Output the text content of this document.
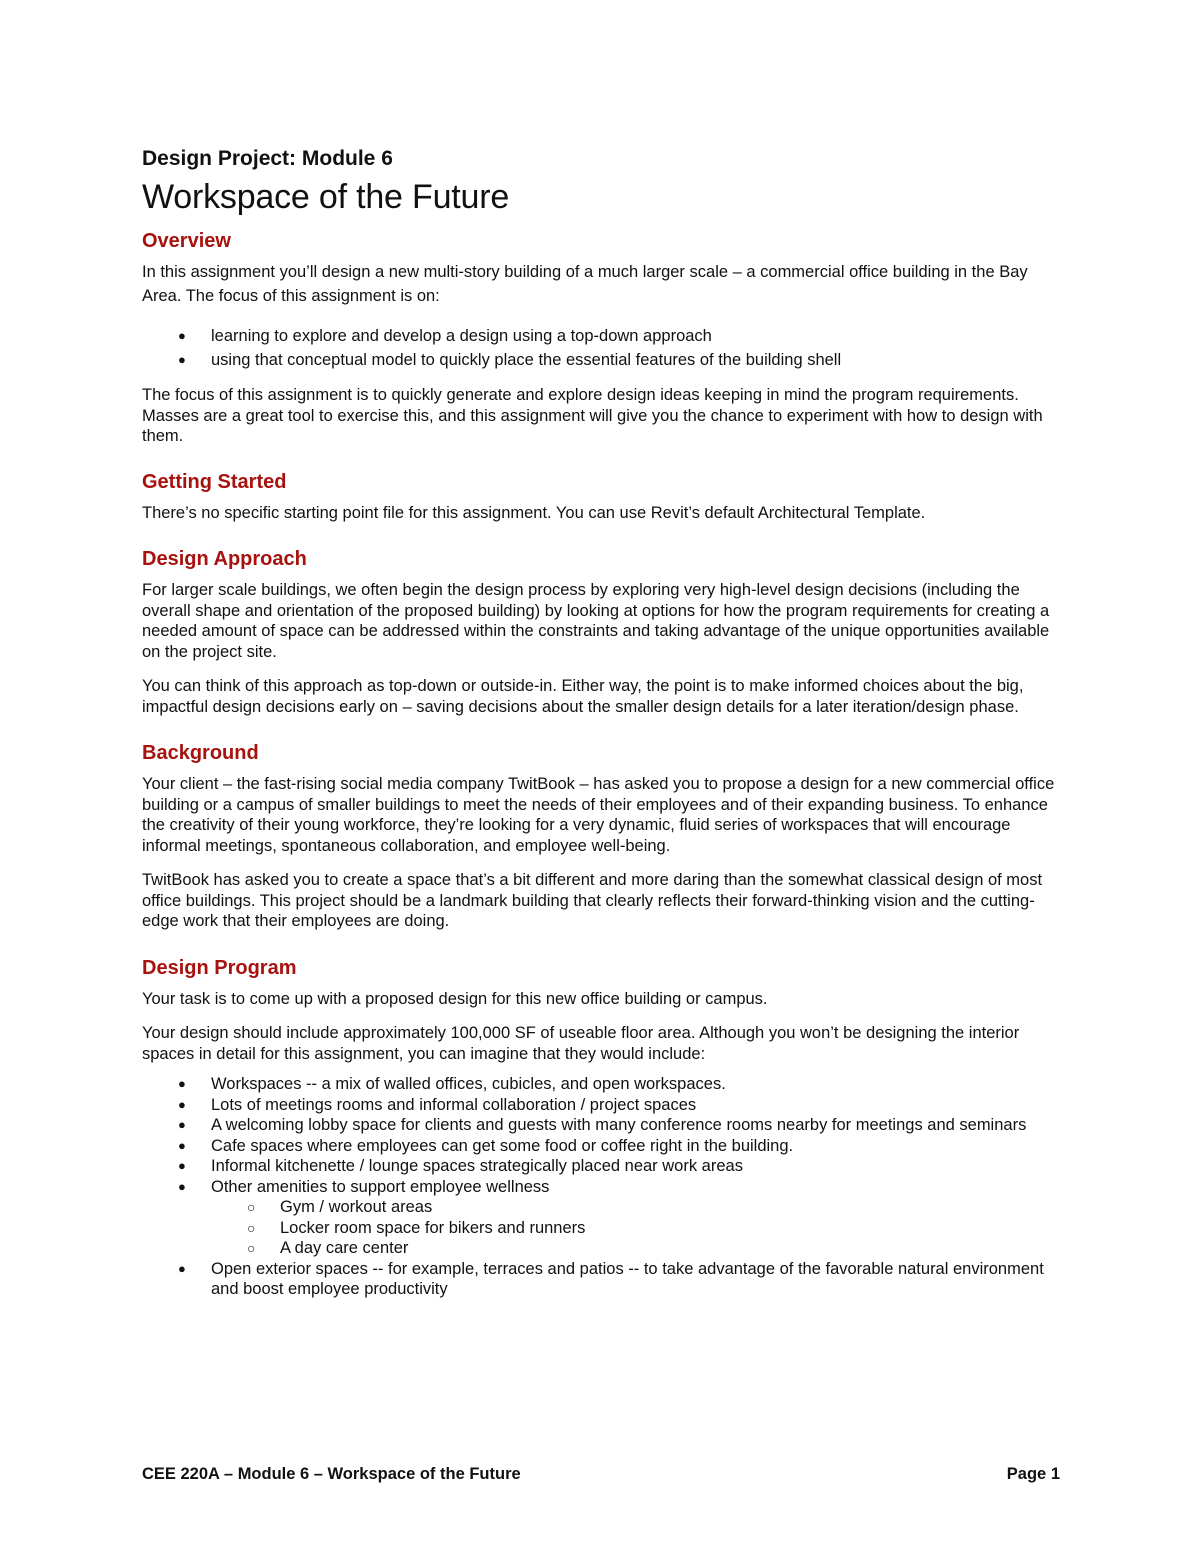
Design Project: Module 6
Workspace of the Future
Overview

In this assignment you’ll design a new multi-story building of a much larger scale – a commercial office building in the Bay Area. The focus of this assignment is on:

● learning to explore and develop a design using a top-down approach
● using that conceptual model to quickly place the essential features of the building shell

The focus of this assignment is to quickly generate and explore design ideas keeping in mind the program requirements. Masses are a great tool to exercise this, and this assignment will give you the chance to experiment with how to design with them.

Getting Started

There’s no specific starting point file for this assignment. You can use Revit’s default Architectural Template.

Design Approach

For larger scale buildings, we often begin the design process by exploring very high-level design decisions (including the overall shape and orientation of the proposed building) by looking at options for how the program requirements for creating a needed amount of space can be addressed within the constraints and taking advantage of the unique opportunities available on the project site.

You can think of this approach as top-down or outside-in. Either way, the point is to make informed choices about the big, impactful design decisions early on – saving decisions about the smaller design details for a later iteration/design phase.

Background

Your client – the fast-rising social media company TwitBook – has asked you to propose a design for a new commercial office building or a campus of smaller buildings to meet the needs of their employees and of their expanding business. To enhance the creativity of their young workforce, they’re looking for a very dynamic, fluid series of workspaces that will encourage informal meetings, spontaneous collaboration, and employee well-being.

TwitBook has asked you to create a space that’s a bit different and more daring than the somewhat classical design of most office buildings. This project should be a landmark building that clearly reflects their forward-thinking vision and the cutting-edge work that their employees are doing.

Design Program

Your task is to come up with a proposed design for this new office building or campus.

Your design should include approximately 100,000 SF of useable floor area. Although you won’t be designing the interior spaces in detail for this assignment, you can imagine that they would include:

● Workspaces -- a mix of walled offices, cubicles, and open workspaces.
● Lots of meetings rooms and informal collaboration / project spaces
● A welcoming lobby space for clients and guests with many conference rooms nearby for meetings and seminars
● Cafe spaces where employees can get some food or coffee right in the building.
● Informal kitchenette / lounge spaces strategically placed near work areas
● Other amenities to support employee wellness
○ Gym / workout areas
○ Locker room space for bikers and runners
○ A day care center
● Open exterior spaces -- for example, terraces and patios -- to take advantage of the favorable natural environment and boost employee productivity
CEE 220A – Module 6 – Workspace of the Future	Page 1
